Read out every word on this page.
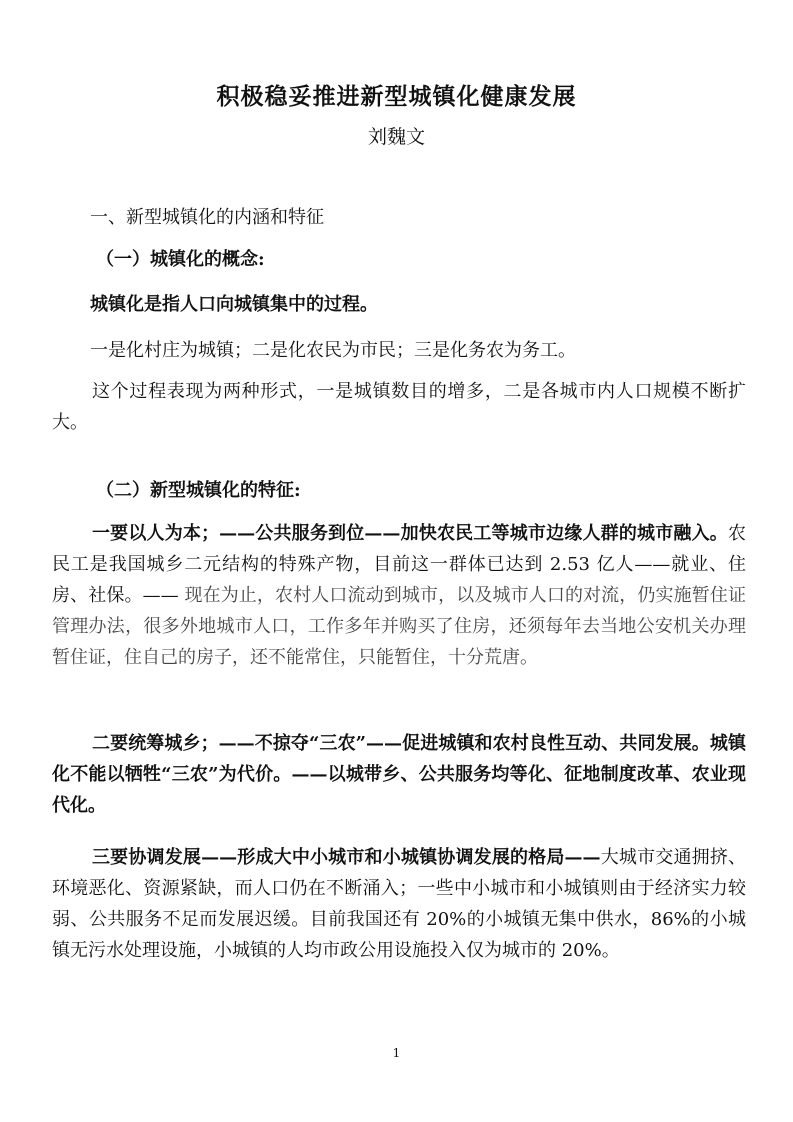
积极稳妥推进新型城镇化健康发展
刘魏文
一、新型城镇化的内涵和特征
（一）城镇化的概念:
城镇化是指人口向城镇集中的过程。
一是化村庄为城镇；二是化农民为市民；三是化务农为务工。

这个过程表现为两种形式，一是城镇数目的增多，二是各城市内人口规模不断扩大。

（二）新型城镇化的特征:

一要以人为本；——公共服务到位——加快农民工等城市边缘人群的城市融入。农民工是我国城乡二元结构的特殊产物，目前这一群体已达到 2.53 亿人——就业、住房、社保。—— 现在为止，农村人口流动到城市，以及城市人口的对流，仍实施暂住证管理办法，很多外地城市人口，工作多年并购买了住房，还须每年去当地公安机关办理暂住证，住自己的房子，还不能常住，只能暂住，十分荒唐。

二要统筹城乡；——不掠夺“三农”——促进城镇和农村良性互动、共同发展。城镇化不能以牺牲“三农”为代价。——以城带乡、公共服务均等化、征地制度改革、农业现代化。

三要协调发展——形成大中小城市和小城镇协调发展的格局——大城市交通拥挤、环境恶化、资源紧缺，而人口仍在不断涌入；一些中小城市和小城镇则由于经济实力较弱、公共服务不足而发展迟缓。目前我国还有 20%的小城镇无集中供水，86%的小城镇无污水处理设施，小城镇的人均市政公用设施投入仅为城市的 20%。

1
